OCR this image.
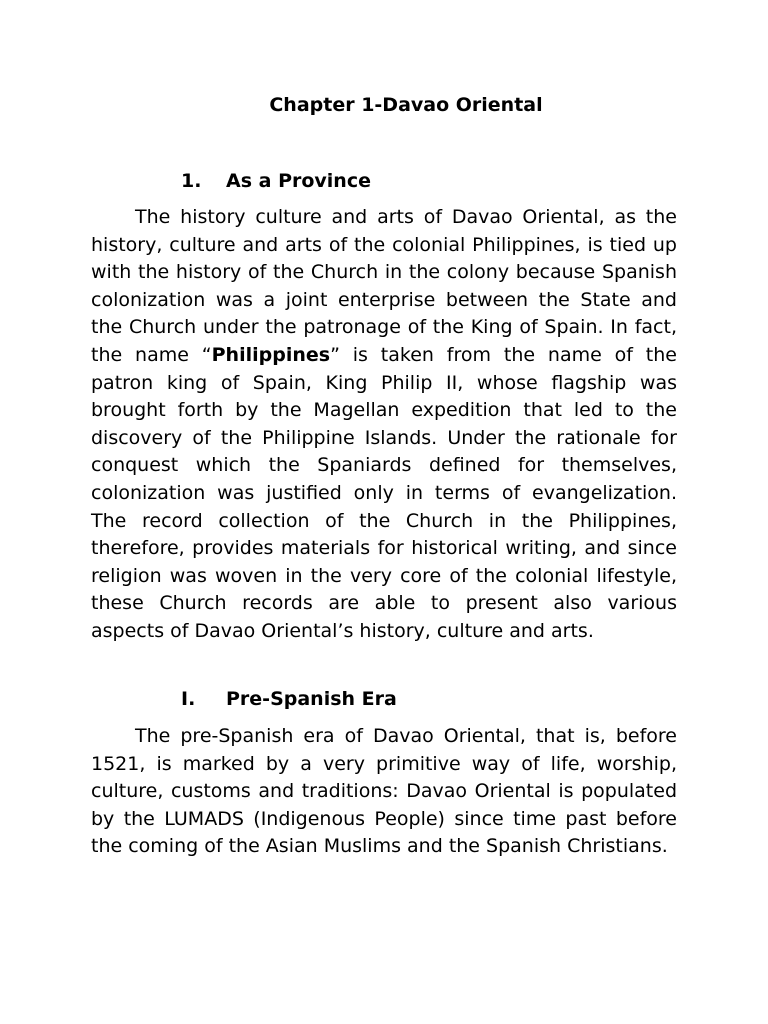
Chapter 1-Davao Oriental
1. As a Province

The history culture and arts of Davao Oriental, as the history, culture and arts of the colonial Philippines, is tied up with the history of the Church in the colony because Spanish colonization was a joint enterprise between the State and the Church under the patronage of the King of Spain. In fact, the name “Philippines” is taken from the name of the patron king of Spain, King Philip II, whose flagship was brought forth by the Magellan expedition that led to the discovery of the Philippine Islands. Under the rationale for conquest which the Spaniards defined for themselves, colonization was justified only in terms of evangelization. The record collection of the Church in the Philippines, therefore, provides materials for historical writing, and since religion was woven in the very core of the colonial lifestyle, these Church records are able to present also various aspects of Davao Oriental’s history, culture and arts.

I. Pre-Spanish Era

The pre-Spanish era of Davao Oriental, that is, before 1521, is marked by a very primitive way of life, worship, culture, customs and traditions: Davao Oriental is populated by the LUMADS (Indigenous People) since time past before the coming of the Asian Muslims and the Spanish Christians.
